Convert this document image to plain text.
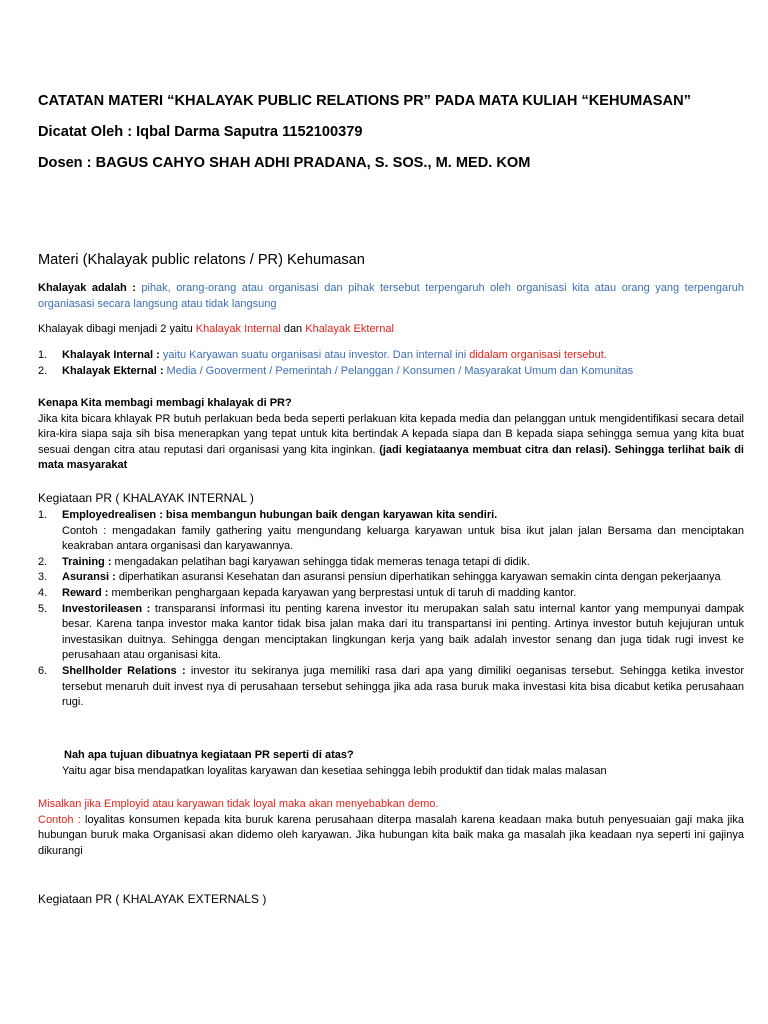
CATATAN MATERI “KHALAYAK PUBLIC RELATIONS PR” PADA MATA KULIAH “KEHUMASAN”
Dicatat Oleh : Iqbal Darma Saputra 1152100379
Dosen : BAGUS CAHYO SHAH ADHI PRADANA, S. SOS., M. MED. KOM
Materi (Khalayak public relatons / PR) Kehumasan
Khalayak adalah : pihak, orang-orang atau organisasi dan pihak tersebut terpengaruh oleh organisasi kita atau orang yang terpengaruh organiasasi secara langsung atau tidak langsung
Khalayak dibagi menjadi 2 yaitu Khalayak Internal dan Khalayak Ekternal
1. Khalayak Internal : yaitu Karyawan suatu organisasi atau investor. Dan internal ini didalam organisasi tersebut.
2. Khalayak Ekternal : Media / Gooverment / Pemerintah / Pelanggan / Konsumen / Masyarakat Umum dan Komunitas
Kenapa Kita membagi membagi khalayak di PR?
Jika kita bicara khlayak PR butuh perlakuan beda beda seperti perlakuan kita kepada media dan pelanggan untuk mengidentifikasi secara detail kira-kira siapa saja sih bisa menerapkan yang tepat untuk kita bertindak A kepada siapa dan B kepada siapa sehingga semua yang kita buat sesuai dengan citra atau reputasi dari organisasi yang kita inginkan. (jadi kegiataanya membuat citra dan relasi). Sehingga terlihat baik di mata masyarakat
Kegiataan PR ( KHALAYAK INTERNAL )
1. Employedrealisen : bisa membangun hubungan baik dengan karyawan kita sendiri.
Contoh : mengadakan family gathering yaitu mengundang keluarga karyawan untuk bisa ikut jalan jalan Bersama dan menciptakan keakraban antara organisasi dan karyawannya.
2. Training : mengadakan pelatihan bagi karyawan sehingga tidak memeras tenaga tetapi di didik.
3. Asuransi : diperhatikan asuransi Kesehatan dan asuransi pensiun diperhatikan sehingga karyawan semakin cinta dengan pekerjaanya
4. Reward : memberikan penghargaan kepada karyawan yang berprestasi untuk di taruh di madding kantor.
5. Investorileasen : transparansi informasi itu penting karena investor itu merupakan salah satu internal kantor yang mempunyai dampak besar. Karena tanpa investor maka kantor tidak bisa jalan maka dari itu transpartansi ini penting. Artinya investor butuh kejujuran untuk investasikan duitnya. Sehingga dengan menciptakan lingkungan kerja yang baik adalah investor senang dan juga tidak rugi invest ke perusahaan atau organisasi kita.
6. Shellholder Relations : investor itu sekiranya juga memiliki rasa dari apa yang dimiliki oeganisas tersebut. Sehingga ketika investor tersebut menaruh duit invest nya di perusahaan tersebut sehingga jika ada rasa buruk maka investasi kita bisa dicabut ketika perusahaan rugi.
Nah apa tujuan dibuatnya kegiataan PR seperti di atas?
Yaitu agar bisa mendapatkan loyalitas karyawan dan kesetiaa sehingga lebih produktif dan tidak malas malasan
Misalkan jika Employid atau karyawan tidak loyal maka akan menyebabkan demo.
Contoh : loyalitas konsumen kepada kita buruk karena perusahaan diterpa masalah karena keadaan maka butuh penyesuaian gaji maka jika hubungan buruk maka Organisasi akan didemo oleh karyawan. Jika hubungan kita baik maka ga masalah jika keadaan nya seperti ini gajinya dikurangi
Kegiataan PR ( KHALAYAK EXTERNALS )
